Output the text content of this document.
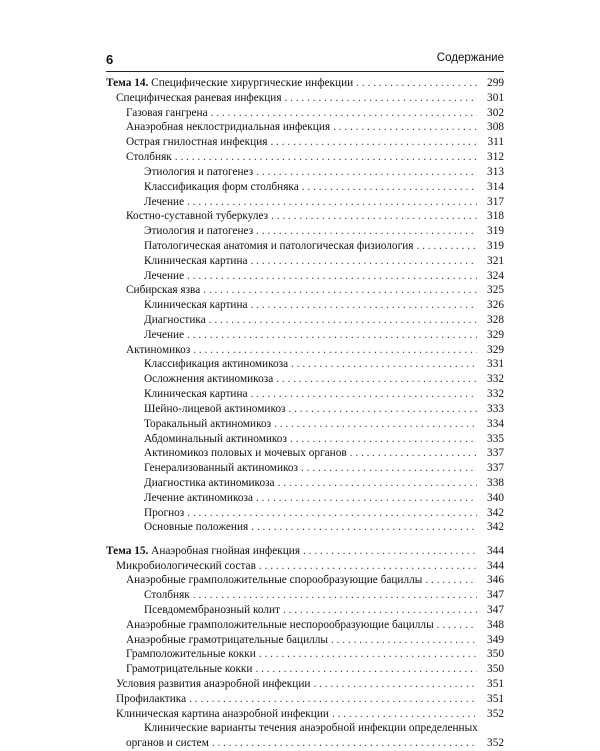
6	Содержание
Тема 14. Специфические хирургические инфекции . . .	299
Специфическая раневая инфекция . . .	301
Газовая гангрена . . .	302
Анаэробная неклостридиальная инфекция . . .	308
Острая гнилостная инфекция . . .	311
Столбняк . . .	312
Этиология и патогенез . . .	313
Классификация форм столбняка . . .	314
Лечение . . .	317
Костно-суставной туберкулез . . .	318
Этиология и патогенез . . .	319
Патологическая анатомия и патологическая физиология . . .	319
Клиническая картина . . .	321
Лечение . . .	324
Сибирская язва . . .	325
Клиническая картина . . .	326
Диагностика . . .	328
Лечение . . .	329
Актиномикоз . . .	329
Классификация актиномикоза . . .	331
Осложнения актиномикоза . . .	332
Клиническая картина . . .	332
Шейно-лицевой актиномикоз . . .	333
Торакальный актиномикоз . . .	334
Абдоминальный актиномикоз . . .	335
Актиномикоз половых и мочевых органов . . .	337
Генерализованный актиномикоз . . .	337
Диагностика актиномикоза . . .	338
Лечение актиномикоза . . .	340
Прогноз . . .	342
Основные положения . . .	342
Тема 15. Анаэробная гнойная инфекция . . .	344
Микробиологический состав . . .	344
Анаэробные грамположительные спорообразующие бациллы . . .	346
Столбняк . . .	347
Псевдомембранозный колит . . .	347
Анаэробные грамположительные неспорообразующие бациллы . . .	348
Анаэробные грамотрицательные бациллы . . .	349
Грамположительные кокки . . .	350
Грамотрицательные кокки . . .	350
Условия развития анаэробной инфекции . . .	351
Профилактика . . .	351
Клиническая картина анаэробной инфекции . . .	352
Клинические варианты течения анаэробной инфекции определенных
органов и систем . . .	352
